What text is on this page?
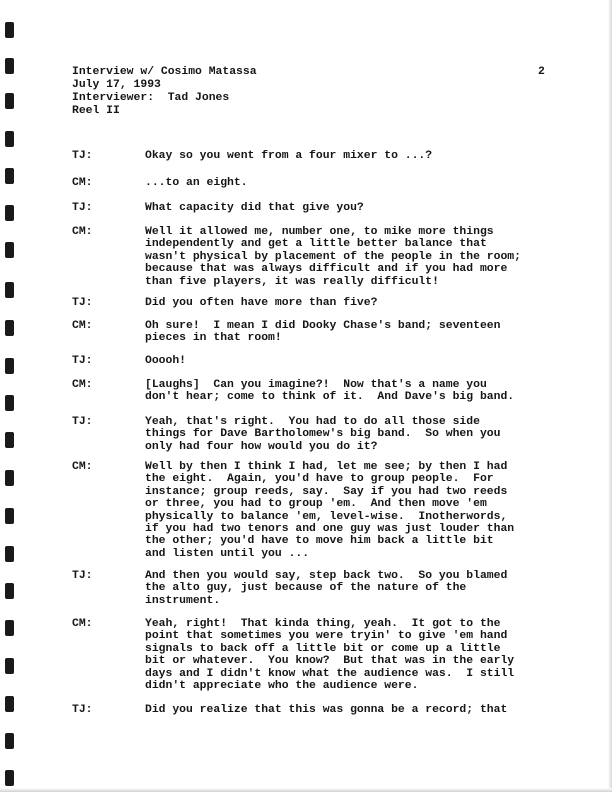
Interview w/ Cosimo Matassa
July 17, 1993
Interviewer:  Tad Jones
Reel II
2
TJ:	Okay so you went from a four mixer to ...?
CM:	...to an eight.
TJ:	What capacity did that give you?
CM:	Well it allowed me, number one, to mike more things
independently and get a little better balance that
wasn't physical by placement of the people in the room;
because that was always difficult and if you had more
than five players, it was really difficult!
TJ:	Did you often have more than five?
CM:	Oh sure!  I mean I did Dooky Chase's band; seventeen
pieces in that room!
TJ:	Ooooh!
CM:	[Laughs]  Can you imagine?!  Now that's a name you
don't hear; come to think of it.  And Dave's big band.
TJ:	Yeah, that's right.  You had to do all those side
things for Dave Bartholomew's big band.  So when you
only had four how would you do it?
CM:	Well by then I think I had, let me see; by then I had
the eight.  Again, you'd have to group people.  For
instance; group reeds, say.  Say if you had two reeds
or three, you had to group 'em.  And then move 'em
physically to balance 'em, level-wise.  Inotherwords,
if you had two tenors and one guy was just louder than
the other; you'd have to move him back a little bit
and listen until you ...
TJ:	And then you would say, step back two.  So you blamed
the alto guy, just because of the nature of the
instrument.
CM:	Yeah, right!  That kinda thing, yeah.  It got to the
point that sometimes you were tryin' to give 'em hand
signals to back off a little bit or come up a little
bit or whatever.  You know?  But that was in the early
days and I didn't know what the audience was.  I still
didn't appreciate who the audience were.
TJ:	Did you realize that this was gonna be a record; that
